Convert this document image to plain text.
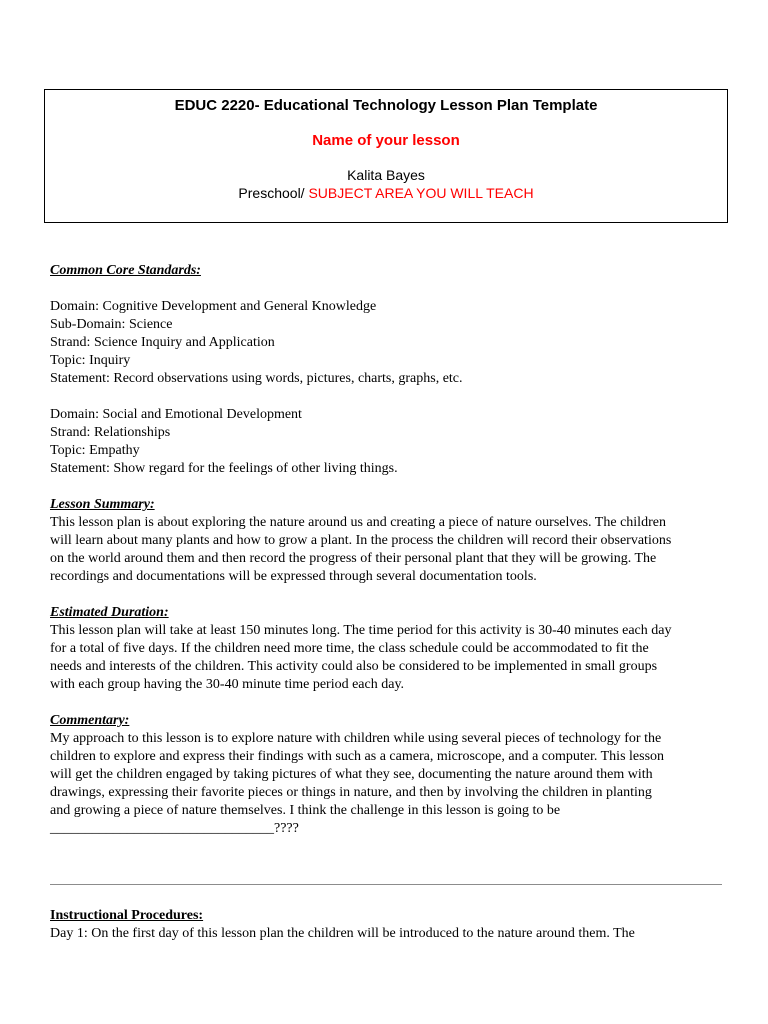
EDUC 2220- Educational Technology Lesson Plan Template
Name of your lesson
Kalita Bayes
Preschool/ SUBJECT AREA YOU WILL TEACH

Common Core Standards:

Domain: Cognitive Development and General Knowledge

Sub-Domain: Science

Strand: Science Inquiry and Application

Topic: Inquiry

Statement: Record observations using words, pictures, charts, graphs, etc.

Domain: Social and Emotional Development

Strand: Relationships

Topic: Empathy

Statement: Show regard for the feelings of other living things.

Lesson Summary:

This lesson plan is about exploring the nature around us and creating a piece of nature ourselves. The children

will learn about many plants and how to grow a plant. In the process the children will record their observations

on the world around them and then record the progress of their personal plant that they will be growing. The

recordings and documentations will be expressed through several documentation tools.

Estimated Duration:

This lesson plan will take at least 150 minutes long. The time period for this activity is 30-40 minutes each day

for a total of five days. If the children need more time, the class schedule could be accommodated to fit the

needs and interests of the children. This activity could also be considered to be implemented in small groups

with each group having the 30-40 minute time period each day.

Commentary:

My approach to this lesson is to explore nature with children while using several pieces of technology for the

children to explore and express their findings with such as a camera, microscope, and a computer. This lesson

will get the children engaged by taking pictures of what they see, documenting the nature around them with

drawings, expressing their favorite pieces or things in nature, and then by involving the children in planting

and growing a piece of nature themselves. I think the challenge in this lesson is going to be

________________________________????

Instructional Procedures:

Day 1: On the first day of this lesson plan the children will be introduced to the nature around them. The
